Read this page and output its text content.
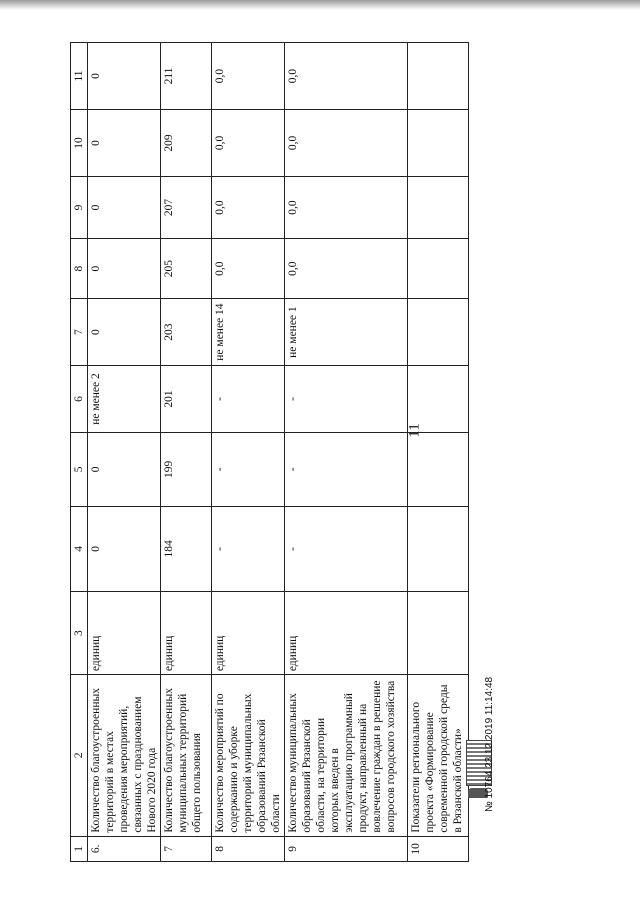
11
1	2	3	4	5	6	7	8	9	10	11
6.	Количество благоустроенных территорий в местах проведения мероприятий, связанных с празднованием Нового 2020 года	единиц	0	0	не менее 2	0	0	0	0	0
7	Количество благоустроенных муниципальных территорий общего пользования	единиц	184	199	201	203	205	207	209	211
8	Количество мероприятий по содержанию и уборке территорий муниципальных образований Рязанской области	единиц	-	-	-	не менее 14	0,0	0,0	0,0	0,0
9	Количество муниципальных образований Рязанской области, на территории которых введен в эксплуатацию программный продукт, направленный на вовлечение граждан в решение вопросов городского хозяйства	единиц	-	-	-	не менее 1	0,0	0,0	0,0	0,0
10	Показатели регионального проекта «Формирование современной городской среды в Рязанской области»									№ 10764 23.12.2019 11:14:48
